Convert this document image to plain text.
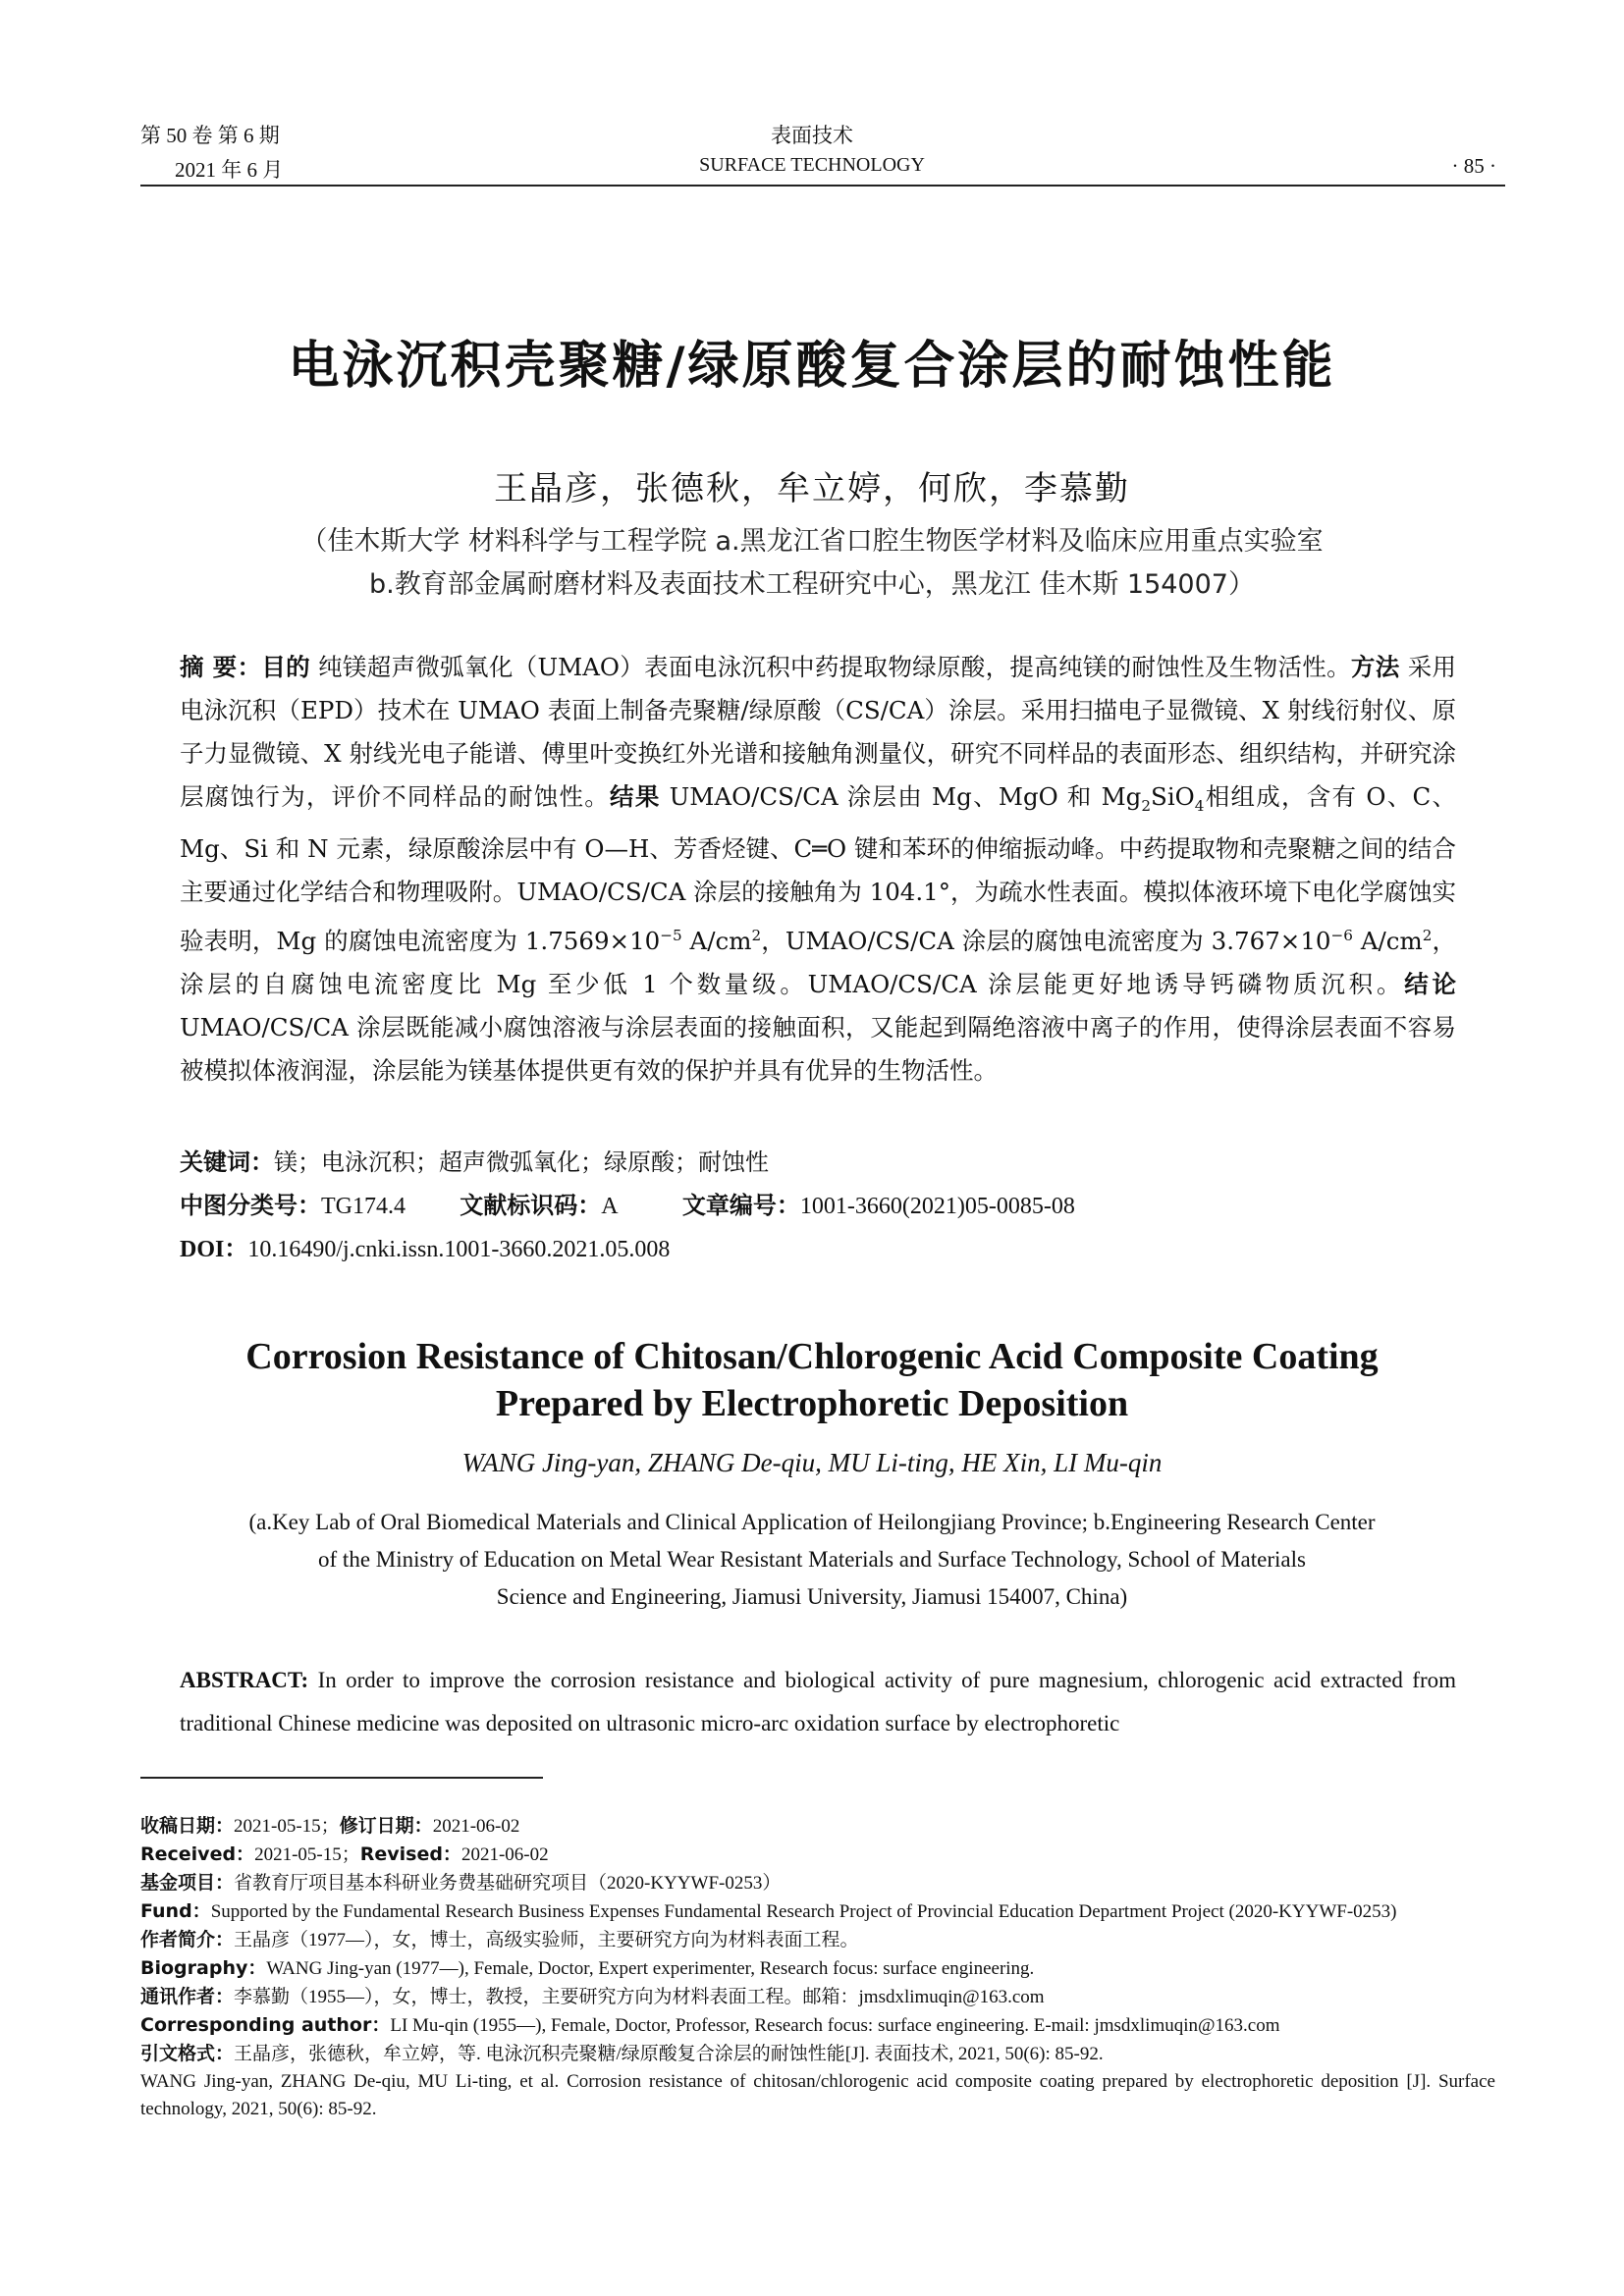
第 50 卷 第 6 期
2021 年 6 月
表面技术
SURFACE TECHNOLOGY	· 85 ·
电泳沉积壳聚糖/绿原酸复合涂层的耐蚀性能
王晶彦，张德秋，牟立婷，何欣，李慕勤
（佳木斯大学 材料科学与工程学院 a.黑龙江省口腔生物医学材料及临床应用重点实验室
b.教育部金属耐磨材料及表面技术工程研究中心，黑龙江 佳木斯 154007）
摘 要：目的 纯镁超声微弧氧化（UMAO）表面电泳沉积中药提取物绿原酸，提高纯镁的耐蚀性及生物活性。方法 采用电泳沉积（EPD）技术在 UMAO 表面上制备壳聚糖/绿原酸（CS/CA）涂层。采用扫描电子显微镜、X 射线衍射仪、原子力显微镜、X 射线光电子能谱、傅里叶变换红外光谱和接触角测量仪，研究不同样品的表面形态、组织结构，并研究涂层腐蚀行为，评价不同样品的耐蚀性。结果 UMAO/CS/CA 涂层由 Mg、MgO 和 $Mg_2SiO_4$相组成，含有 O、C、Mg、Si 和 N 元素，绿原酸涂层中有 O—H、芳香烃键、C═O 键和苯环的伸缩振动峰。中药提取物和壳聚糖之间的结合主要通过化学结合和物理吸附。UMAO/CS/CA 涂层的接触角为 104.1°，为疏水性表面。模拟体液环境下电化学腐蚀实验表明，Mg 的腐蚀电流密度为 $1.7569\times 10^{-5}$ $A/cm^2$，UMAO/CS/CA 涂层的腐蚀电流密度为 $3.767\times 10^{-6}$ $A/cm^2$，涂层的自腐蚀电流密度比 Mg 至少低 1 个数量级。UMAO/CS/CA 涂层能更好地诱导钙磷物质沉积。结论 UMAO/CS/CA 涂层既能减小腐蚀溶液与涂层表面的接触面积，又能起到隔绝溶液中离子的作用，使得涂层表面不容易被模拟体液润湿，涂层能为镁基体提供更有效的保护并具有优异的生物活性。
关键词：镁；电泳沉积；超声微弧氧化；绿原酸；耐蚀性
中图分类号：TG174.4 文献标识码：A	文章编号：1001-3660(2021)05-0085-08
DOI：10.16490/j.cnki.issn.1001-3660.2021.05.008
Corrosion Resistance of Chitosan/Chlorogenic Acid Composite Coating
Prepared by Electrophoretic Deposition
WANG Jing-yan, ZHANG De-qiu, MU Li-ting, HE Xin, LI Mu-qin
(a.Key Lab of Oral Biomedical Materials and Clinical Application of Heilongjiang Province; b.Engineering Research Center
of the Ministry of Education on Metal Wear Resistant Materials and Surface Technology, School of Materials
Science and Engineering, Jiamusi University, Jiamusi 154007, China)
ABSTRACT: In order to improve the corrosion resistance and biological activity of pure magnesium, chlorogenic acid extracted from traditional Chinese medicine was deposited on ultrasonic micro-arc oxidation surface by electrophoretic
收稿日期：2021-05-15；修订日期：2021-06-02
Received：2021-05-15；Revised：2021-06-02
基金项目：省教育厅项目基本科研业务费基础研究项目（2020-KYYWF-0253）
Fund：Supported by the Fundamental Research Business Expenses Fundamental Research Project of Provincial Education Department Project (2020-KYYWF-0253)
作者简介：王晶彦（1977—），女，博士，高级实验师，主要研究方向为材料表面工程。
Biography：WANG Jing-yan (1977—), Female, Doctor, Expert experimenter, Research focus: surface engineering.
通讯作者：李慕勤（1955—），女，博士，教授，主要研究方向为材料表面工程。邮箱：jmsdxlimuqin@163.com
Corresponding author：LI Mu-qin (1955—), Female, Doctor, Professor, Research focus: surface engineering. E-mail: jmsdxlimuqin@163.com
引文格式：王晶彦，张德秋，牟立婷，等. 电泳沉积壳聚糖/绿原酸复合涂层的耐蚀性能[J]. 表面技术, 2021, 50(6): 85-92.
WANG Jing-yan, ZHANG De-qiu, MU Li-ting, et al. Corrosion resistance of chitosan/chlorogenic acid composite coating prepared by electrophoretic deposition [J]. Surface technology, 2021, 50(6): 85-92.
